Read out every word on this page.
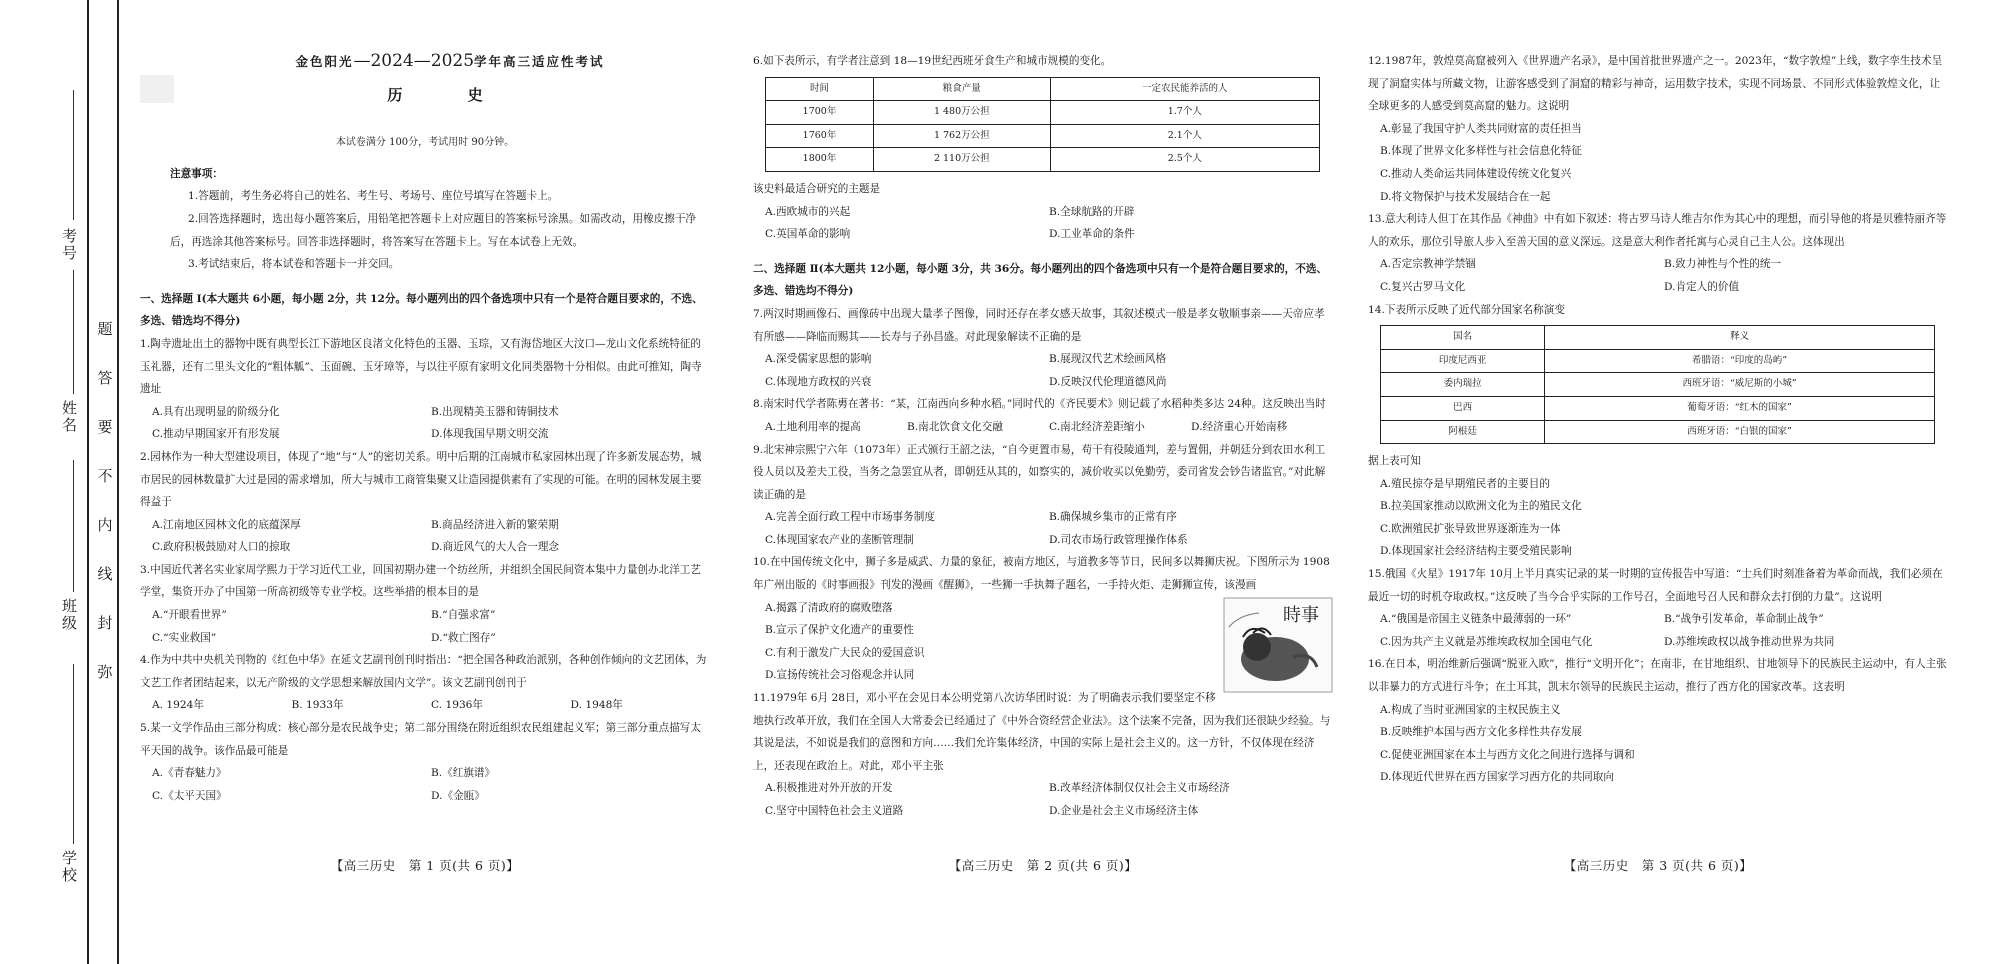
考号
姓名
班级
学校
题
答
要
不
内
线
封
弥
金色阳光—2024—2025学年高三适应性考试
历 史
本试卷满分 100分，考试用时 90分钟。
注意事项：
1.答题前，考生务必将自己的姓名、考生号、考场号、座位号填写在答题卡上。
2.回答选择题时，选出每小题答案后，用铅笔把答题卡上对应题目的答案标号涂黑。如需改动，用橡皮擦干净后，再选涂其他答案标号。回答非选择题时，将答案写在答题卡上。写在本试卷上无效。
3.考试结束后，将本试卷和答题卡一并交回。
一、选择题 Ⅰ(本大题共 6小题，每小题 2分，共 12分。每小题列出的四个备选项中只有一个是符合题目要求的，不选、多选、错选均不得分)
1.陶寺遗址出土的器物中既有典型长江下游地区良渚文化特色的玉器、玉琮，又有海岱地区大汶口—龙山文化系统特征的玉礼器，还有二里头文化的“粗体觚”、玉面碗、玉牙璋等，与以往平原有家明文化同类器物十分相似。由此可推知，陶寺遗址
A.具有出现明显的阶级分化	B.出现精美玉器和铸铜技术
C.推动早期国家开有形发展	D.体现我国早期文明交流
2.园林作为一种大型建设项目，体现了“地”与“人”的密切关系。明中后期的江南城市私家园林出现了许多新发展态势，城市居民的园林数量扩大过是园的需求增加，所大与城市工商管集聚又让造园提供素有了实现的可能。在明的园林发展主要得益于
A.江南地区园林文化的底蕴深厚	B.商品经济进入新的繁荣期
C.政府积极鼓励对人口的掠取	D.商近风气的大人合一理念
3.中国近代著名实业家周学熙力于学习近代工业，回国初期办建一个纺丝所，并组织全国民间资本集中力量创办北洋工艺学堂，集资开办了中国第一所高初级等专业学校。这些举措的根本目的是
A.“开眼看世界”	B.“自强求富”
C.“实业救国”	D.“救亡图存”
4.作为中共中央机关刊物的《红色中华》在延文艺副刊创刊时指出：“把全国各种政治派别，各种创作倾向的文艺团体，为文艺工作者团结起来，以无产阶级的文学思想来解放国内文学”。该文艺副刊创刊于
A. 1924年	B. 1933年	C. 1936年	D. 1948年
5.某一文学作品由三部分构成：核心部分是农民战争史；第二部分围绕在附近组织农民组建起义军；第三部分重点描写太平天国的战争。该作品最可能是
A.《青春魅力》	B.《红旗谱》
C.《太平天国》	D.《金瓯》
【高三历史　第 1 页(共 6 页)】
6.如下表所示，有学者注意到 18—19世纪西班牙食生产和城市规模的变化。
时间	粮食产量	一定农民能养活的人
1700年	1 480万公担	1.7个人
1760年	1 762万公担	2.1个人
1800年	2 110万公担	2.5个人
该史料最适合研究的主题是
A.西欧城市的兴起	B.全球航路的开辟
C.英国革命的影响	D.工业革命的条件
二、选择题 Ⅱ(本大题共 12小题，每小题 3分，共 36分。每小题列出的四个备选项中只有一个是符合题目要求的，不选、多选、错选均不得分)
7.两汉时期画像石、画像砖中出现大量孝子图像，同时还存在孝女感天故事，其叙述模式一般是孝女敬顺事亲——天帝应孝有所感——降临而赐其——长寿与子孙昌盛。对此现象解读不正确的是
A.深受儒家思想的影响	B.展现汉代艺术绘画风格
C.体现地方政权的兴衰	D.反映汉代伦理道德风尚
8.南宋时代学者陈旉在著书：“某，江南西向乡种水稻。”同时代的《齐民要术》则记载了水稻种类多达 24种。这反映出当时
A.土地利用率的提高	B.南北饮食文化交融	C.南北经济差距缩小	D.经济重心开始南移
9.北宋神宗熙宁六年（1073年）正式颁行王韶之法，“自今更置市易，苟干有役陵通判，差与置佣，并朝廷分到农田水利工役人员以及差夫工役，当务之急罢宜从者，即朝廷从其的，如察实的，减价收买以免勤劳，委司省发会钞告诸监官。”对此解读正确的是
A.完善全面行政工程中市场事务制度	B.确保城乡集市的正常有序
C.体现国家农产业的垄断管理制	D.司农市场行政管理操作体系
10.在中国传统文化中，狮子多是威武、力量的象征，被南方地区，与道教多等节日，民间多以舞狮庆祝。下图所示为 1908年广州出版的《时事画报》刊发的漫画《醒狮》，一些狮一手执舞子题名，一手持火炬、走狮狮宣传，该漫画
時事
A.揭露了清政府的腐败堕落
B.宣示了保护文化遗产的重要性
C.有利于激发广大民众的爱国意识
D.宣扬传统社会习俗观念并认同
11.1979年 6月 28日，邓小平在会见日本公明党第八次访华团时说：为了明确表示我们要坚定不移地执行改革开放，我们在全国人大常委会已经通过了《中外合资经营企业法》。这个法案不完备，因为我们还很缺少经验。与其说是法，不如说是我们的意图和方向……我们允许集体经济，中国的实际上是社会主义的。这一方针，不仅体现在经济上，还表现在政治上。对此，邓小平主张
A.积极推进对外开放的开发	B.改革经济体制仅仅社会主义市场经济
C.坚守中国特色社会主义道路	D.企业是社会主义市场经济主体
【高三历史　第 2 页(共 6 页)】
12.1987年，敦煌莫高窟被列入《世界遗产名录》，是中国首批世界遗产之一。2023年，“数字敦煌”上线，数字孪生技术呈现了洞窟实体与所藏文物，让游客感受到了洞窟的精彩与神奇，运用数字技术，实现不同场景、不同形式体验敦煌文化，让全球更多的人感受到莫高窟的魅力。这说明
A.彰显了我国守护人类共同财富的责任担当
B.体现了世界文化多样性与社会信息化特征
C.推动人类命运共同体建设传统文化复兴
D.将文物保护与技术发展结合在一起
13.意大利诗人但丁在其作品《神曲》中有如下叙述：将古罗马诗人维吉尔作为其心中的理想，而引导他的将是贝雅特丽齐等人的欢乐，那位引导旅人步入至善天国的意义深远。这是意大利作者托寓与心灵自己主人公。这体现出
A.否定宗教神学禁锢	B.致力神性与个性的统一
C.复兴古罗马文化	D.肯定人的价值
14.下表所示反映了近代部分国家名称演变
国名	释义
印度尼西亚	希腊语：“印度的岛屿”
委内瑞拉	西班牙语：“威尼斯的小城”
巴西	葡萄牙语：“红木的国家”
阿根廷	西班牙语：“白银的国家”
据上表可知
A.殖民掠夺是早期殖民者的主要目的
B.拉美国家推动以欧洲文化为主的殖民文化
C.欧洲殖民扩张导致世界逐渐连为一体
D.体现国家社会经济结构主要受殖民影响
15.俄国《火星》1917年 10月上半月真实记录的某一时期的宣传报告中写道：“士兵们时刻准备着为革命而战，我们必须在最近一切的时机夺取政权。”这反映了当今合乎实际的工作号召，全面地号召人民和群众去打倒的力量”。这说明
A.“俄国是帝国主义链条中最薄弱的一环”	B.“战争引发革命，革命制止战争”
C.因为共产主义就是苏维埃政权加全国电气化	D.苏维埃政权以战争推动世界为共同
16.在日本，明治维新后强调“脱亚入欧”，推行“文明开化”；在南非，在甘地组织、甘地领导下的民族民主运动中，有人主张以非暴力的方式进行斗争；在土耳其，凯末尔领导的民族民主运动，推行了西方化的国家改革。这表明
A.构成了当时亚洲国家的主权民族主义
B.反映维护本国与西方文化多样性共存发展
C.促使亚洲国家在本土与西方文化之间进行选择与调和
D.体现近代世界在西方国家学习西方化的共同取向
【高三历史　第 3 页(共 6 页)】
